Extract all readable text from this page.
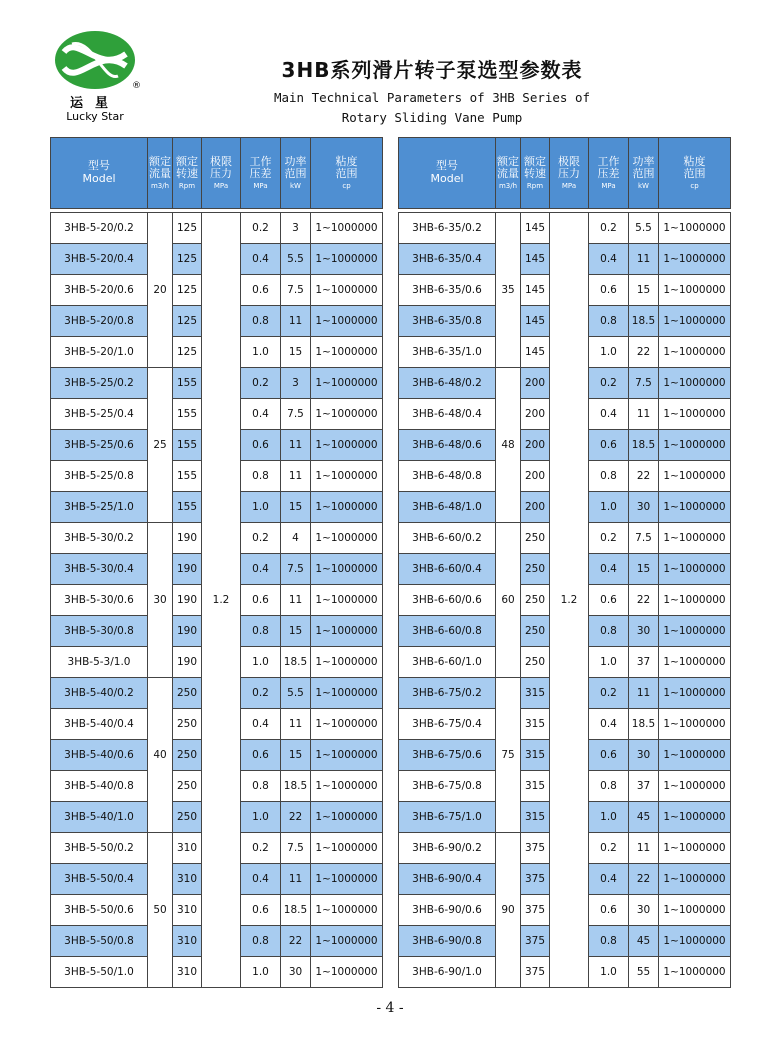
®
运星
Lucky Star
3HB系列滑片转子泵选型参数表
Main Technical Parameters of 3HB Series of
Rotary Sliding Vane Pump
型号
Model	额定
流量
m3/h	额定
转速
Rpm	极限
压力
MPa	工作
压差
MPa	功率
范围
kW	粘度
范围
cp

3HB-5-20/0.2	20	125	1.2	0.2	3	1~1000000
3HB-5-20/0.4		125		0.4	5.5	1~1000000
3HB-5-20/0.6		125		0.6	7.5	1~1000000
3HB-5-20/0.8		125		0.8	11	1~1000000
3HB-5-20/1.0		125		1.0	15	1~1000000
3HB-5-25/0.2	25	155		0.2	3	1~1000000
3HB-5-25/0.4		155		0.4	7.5	1~1000000
3HB-5-25/0.6		155		0.6	11	1~1000000
3HB-5-25/0.8		155		0.8	11	1~1000000
3HB-5-25/1.0		155		1.0	15	1~1000000
3HB-5-30/0.2	30	190		0.2	4	1~1000000
3HB-5-30/0.4		190		0.4	7.5	1~1000000
3HB-5-30/0.6		190		0.6	11	1~1000000
3HB-5-30/0.8		190		0.8	15	1~1000000
3HB-5-3/1.0		190		1.0	18.5	1~1000000
3HB-5-40/0.2	40	250		0.2	5.5	1~1000000
3HB-5-40/0.4		250		0.4	11	1~1000000
3HB-5-40/0.6		250		0.6	15	1~1000000
3HB-5-40/0.8		250		0.8	18.5	1~1000000
3HB-5-40/1.0		250		1.0	22	1~1000000
3HB-5-50/0.2	50	310		0.2	7.5	1~1000000
3HB-5-50/0.4		310		0.4	11	1~1000000
3HB-5-50/0.6		310		0.6	18.5	1~1000000
3HB-5-50/0.8		310		0.8	22	1~1000000
3HB-5-50/1.0		310		1.0	30	1~1000000
型号
Model	额定
流量
m3/h	额定
转速
Rpm	极限
压力
MPa	工作
压差
MPa	功率
范围
kW	粘度
范围
cp

3HB-6-35/0.2	35	145	1.2	0.2	5.5	1~1000000
3HB-6-35/0.4		145		0.4	11	1~1000000
3HB-6-35/0.6		145		0.6	15	1~1000000
3HB-6-35/0.8		145		0.8	18.5	1~1000000
3HB-6-35/1.0		145		1.0	22	1~1000000
3HB-6-48/0.2	48	200		0.2	7.5	1~1000000
3HB-6-48/0.4		200		0.4	11	1~1000000
3HB-6-48/0.6		200		0.6	18.5	1~1000000
3HB-6-48/0.8		200		0.8	22	1~1000000
3HB-6-48/1.0		200		1.0	30	1~1000000
3HB-6-60/0.2	60	250		0.2	7.5	1~1000000
3HB-6-60/0.4		250		0.4	15	1~1000000
3HB-6-60/0.6		250		0.6	22	1~1000000
3HB-6-60/0.8		250		0.8	30	1~1000000
3HB-6-60/1.0		250		1.0	37	1~1000000
3HB-6-75/0.2	75	315		0.2	11	1~1000000
3HB-6-75/0.4		315		0.4	18.5	1~1000000
3HB-6-75/0.6		315		0.6	30	1~1000000
3HB-6-75/0.8		315		0.8	37	1~1000000
3HB-6-75/1.0		315		1.0	45	1~1000000
3HB-6-90/0.2	90	375		0.2	11	1~1000000
3HB-6-90/0.4		375		0.4	22	1~1000000
3HB-6-90/0.6		375		0.6	30	1~1000000
3HB-6-90/0.8		375		0.8	45	1~1000000
3HB-6-90/1.0		375		1.0	55	1~1000000
- 4 -
